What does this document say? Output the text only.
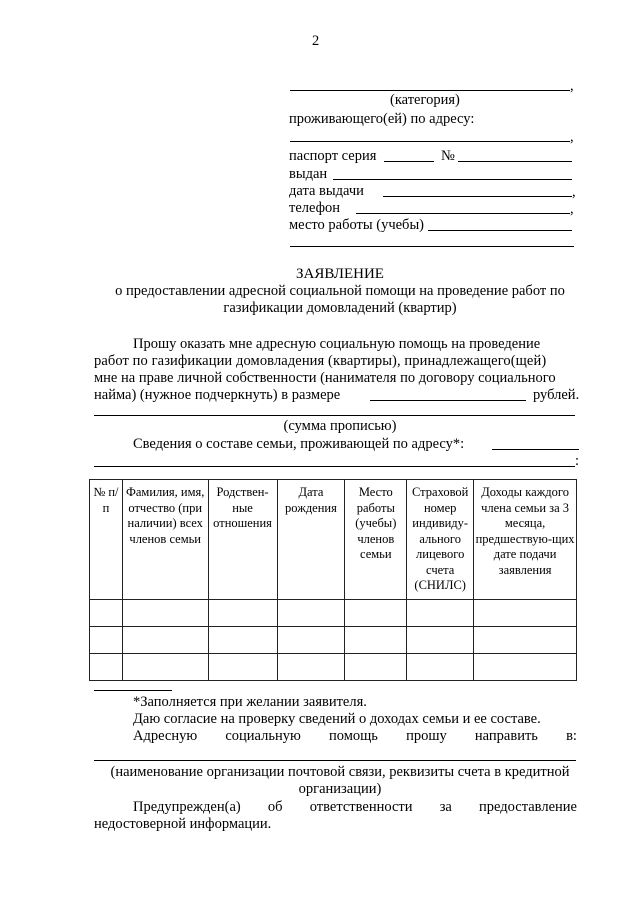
2
,
(категория)
проживающего(ей) по адресу:
,
паспорт серия	№
выдан
дата выдачи	,
телефон	,
место работы (учебы)
ЗАЯВЛЕНИЕ
о предоставлении адресной социальной помощи на проведение работ по
газификации домовладений (квартир)
Прошу оказать мне адресную социальную помощь на проведение
работ по газификации домовладения (квартиры), принадлежащего(щей)
мне на праве личной собственности (нанимателя по договору социального
найма) (нужное подчеркнуть) в размере	рублей.
(сумма прописью)
Сведения о составе семьи, проживающей по адресу*:
:
№ п/п	Фамилия, имя, отчество (при наличии) всех членов семьи	Родствен-ные отношения	Дата рождения	Место работы (учебы) членов семьи	Страховой номер индивиду-ального лицевого счета (СНИЛС)	Доходы каждого члена семьи за 3 месяца, предшествую-щих дате подачи заявления

*Заполняется при желании заявителя.
Даю согласие на проверку сведений о доходах семьи и ее составе.
Адресную социальную помощь прошу направить в:
(наименование организации почтовой связи, реквизиты счета в кредитной
организации)
Предупрежден(а) об ответственности за предоставление
недостоверной информации.
